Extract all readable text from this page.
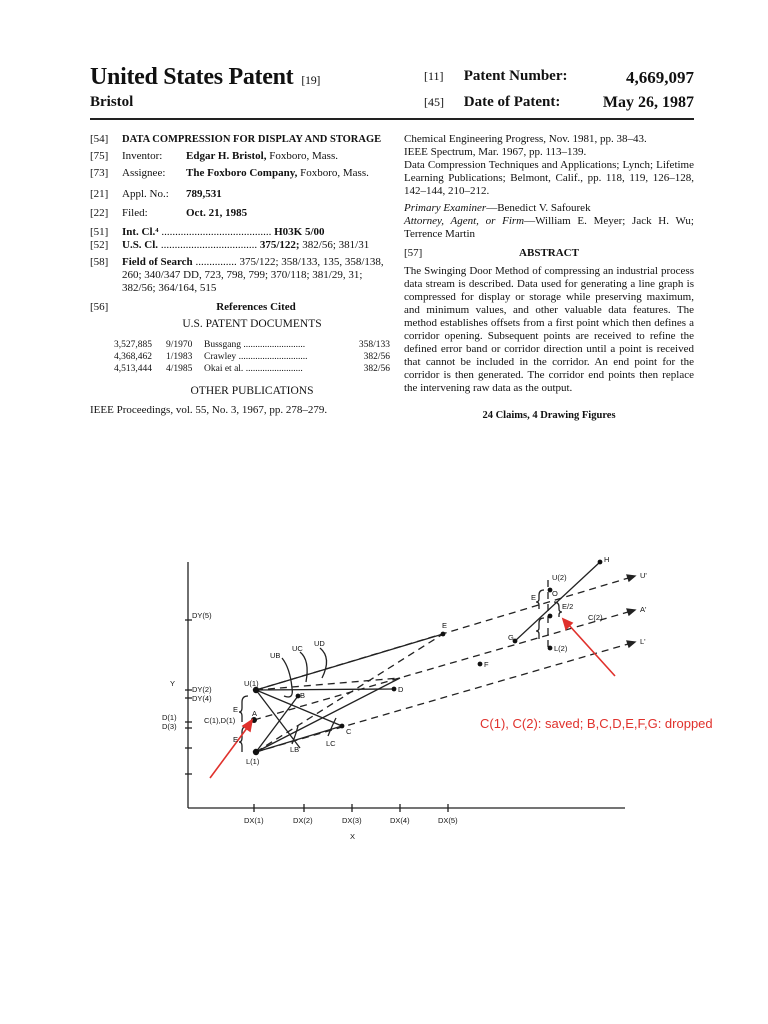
United States Patent [19]
Bristol
[11] Patent Number:	4,669,097
[45] Date of Patent:	May 26, 1987
[54]	DATA COMPRESSION FOR DISPLAY AND STORAGE
[75]	Inventor:	Edgar H. Bristol, Foxboro, Mass.
[73]	Assignee:	The Foxboro Company, Foxboro, Mass.
[21]	Appl. No.:	789,531
[22]	Filed:	Oct. 21, 1985
[51]	Int. Cl.⁴ ........................................ H03K 5/00
[52]	U.S. Cl. ................................... 375/122; 382/56; 381/31
[58]	Field of Search ............... 375/122; 358/133, 135, 358/138, 260; 340/347 DD, 723, 798, 799; 370/118; 381/29, 31; 382/56; 364/164, 515
[56]	References Cited
U.S. PATENT DOCUMENTS
3,527,885	9/1970	Bussgang ..........................	358/133
4,368,462	1/1983	Crawley .............................	382/56
4,513,444	4/1985	Okai et al. ........................	382/56
OTHER PUBLICATIONS
IEEE Proceedings, vol. 55, No. 3, 1967, pp. 278–279.

Chemical Engineering Progress, Nov. 1981, pp. 38–43.

IEEE Spectrum, Mar. 1967, pp. 113–139.

Data Compression Techniques and Applications; Lynch; Lifetime Learning Publications; Belmont, Calif., pp. 118, 119, 126–128, 142–144, 210–212.

Primary Examiner—Benedict V. Safourek

Attorney, Agent, or Firm—William E. Meyer; Jack H. Wu; Terrence Martin

[57]	ABSTRACT

The Swinging Door Method of compressing an industrial process data stream is described. Data used for generating a line graph is compressed for display or storage while preserving maximum, and minimum values, and other valuable data features. The method establishes offsets from a first point which then defines a corridor opening. Subsequent points are received to refine the defined error band or corridor direction until a point is received that cannot be included in the corridor. An end point for the corridor is then generated. The corridor end points then replace the intervening raw data as the output.

24 Claims, 4 Drawing Figures
DY(5)
DY(2)
DY(4)
D(1)
D(3)
Y
DX(1)	DX(2)	DX(3)	DX(4)	DX(5)
X
U(1)
L(1)
C(1),D(1)
A
B
C
D
E
F
G
H
U(2)
L(2)
C(2)
E/2
O
UB
UC
UD
LB
LC
U'
A'
L'
E
E
E
C(1), C(2): saved; B,C,D,E,F,G: dropped
